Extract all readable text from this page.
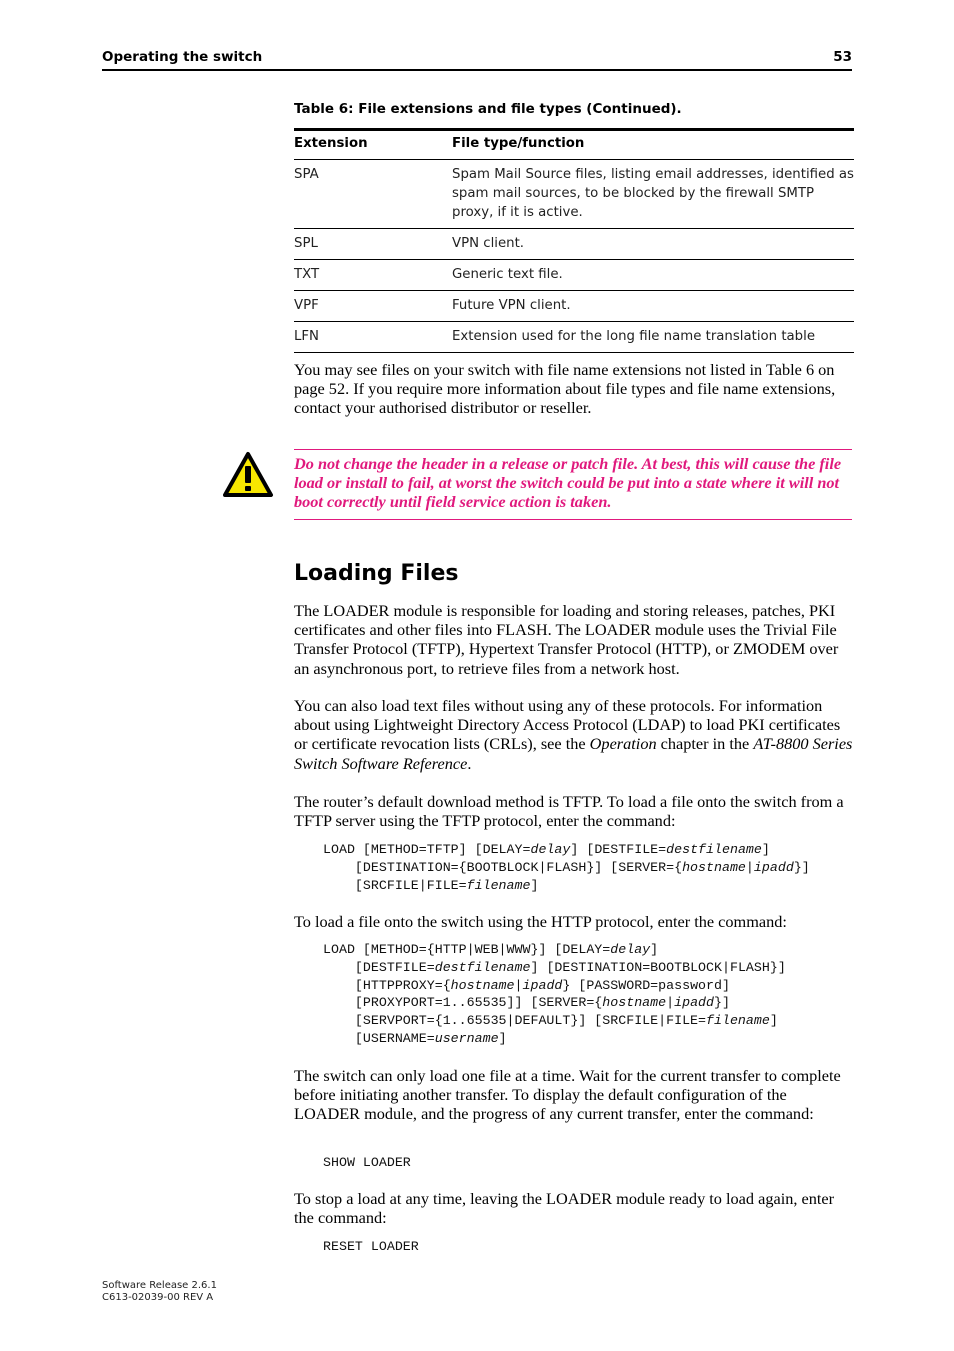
Operating the switch	53
Table 6: File extensions and file types (Continued).
Extension	File type/function
SPA	Spam Mail Source files, listing email addresses, identified as spam mail sources, to be blocked by the firewall SMTP proxy, if it is active.
SPL	VPN client.
TXT	Generic text file.
VPF	Future VPN client.
LFN	Extension used for the long file name translation table

You may see files on your switch with file name extensions not listed in Table 6 on page 52. If you require more information about file types and file name extensions, contact your authorised distributor or reseller.

Do not change the header in a release or patch file. At best, this will cause the file load or install to fail, at worst the switch could be put into a state where it will not boot correctly until field service action is taken.

Loading Files

The LOADER module is responsible for loading and storing releases, patches, PKI certificates and other files into FLASH. The LOADER module uses the Trivial File Transfer Protocol (TFTP), Hypertext Transfer Protocol (HTTP), or ZMODEM over an asynchronous port, to retrieve files from a network host.

You can also load text files without using any of these protocols. For information about using Lightweight Directory Access Protocol (LDAP) to load PKI certificates or certificate revocation lists (CRLs), see the Operation chapter in the AT-8800 Series Switch Software Reference.

The router’s default download method is TFTP. To load a file onto the switch from a TFTP server using the TFTP protocol, enter the command:

LOAD [METHOD=TFTP] [DELAY=delay] [DESTFILE=destfilename]
[DESTINATION={BOOTBLOCK|FLASH}] [SERVER={hostname|ipadd}]
[SRCFILE|FILE=filename]

To load a file onto the switch using the HTTP protocol, enter the command:

LOAD [METHOD={HTTP|WEB|WWW}] [DELAY=delay]
[DESTFILE=destfilename] [DESTINATION=BOOTBLOCK|FLASH}]
[HTTPPROXY={hostname|ipadd} [PASSWORD=password]
[PROXYPORT=1..65535]] [SERVER={hostname|ipadd}]
[SERVPORT={1..65535|DEFAULT}] [SRCFILE|FILE=filename]
[USERNAME=username]

The switch can only load one file at a time. Wait for the current transfer to complete before initiating another transfer. To display the default configuration of the LOADER module, and the progress of any current transfer, enter the command:

SHOW LOADER

To stop a load at any time, leaving the LOADER module ready to load again, enter the command:

RESET LOADER
Software Release 2.6.1
C613-02039-00 REV A
